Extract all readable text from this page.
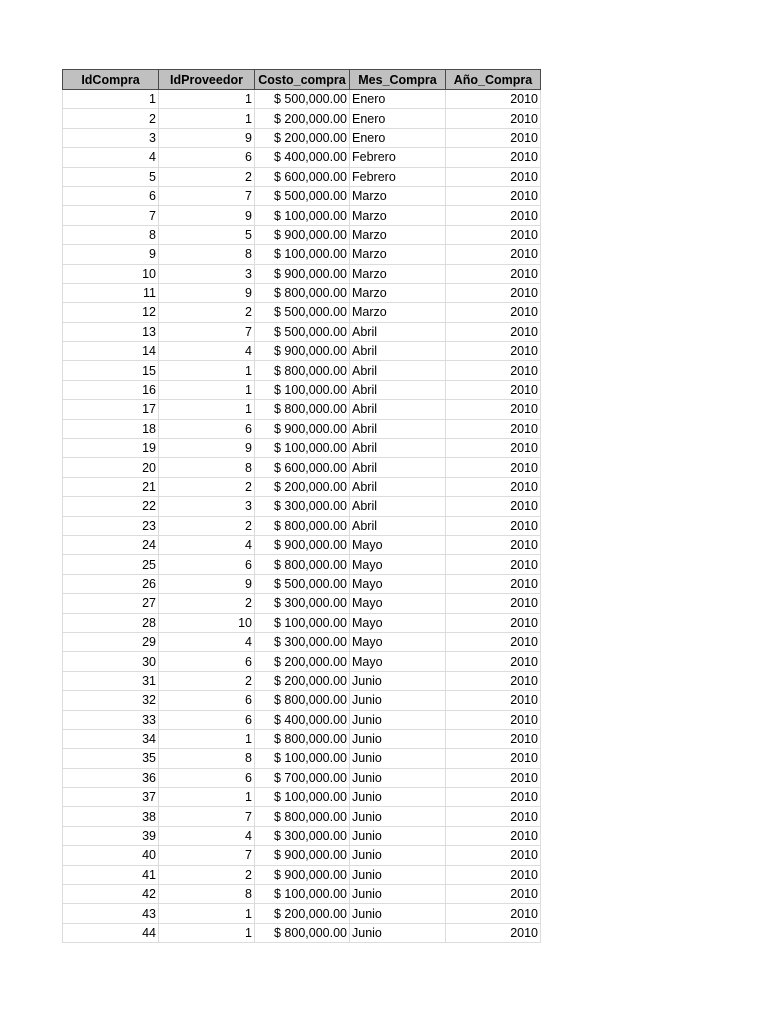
IdCompra	IdProveedor	Costo_compra	Mes_Compra	Año_Compra
1	1	$ 500,000.00	Enero	2010
2	1	$ 200,000.00	Enero	2010
3	9	$ 200,000.00	Enero	2010
4	6	$ 400,000.00	Febrero	2010
5	2	$ 600,000.00	Febrero	2010
6	7	$ 500,000.00	Marzo	2010
7	9	$ 100,000.00	Marzo	2010
8	5	$ 900,000.00	Marzo	2010
9	8	$ 100,000.00	Marzo	2010
10	3	$ 900,000.00	Marzo	2010
11	9	$ 800,000.00	Marzo	2010
12	2	$ 500,000.00	Marzo	2010
13	7	$ 500,000.00	Abril	2010
14	4	$ 900,000.00	Abril	2010
15	1	$ 800,000.00	Abril	2010
16	1	$ 100,000.00	Abril	2010
17	1	$ 800,000.00	Abril	2010
18	6	$ 900,000.00	Abril	2010
19	9	$ 100,000.00	Abril	2010
20	8	$ 600,000.00	Abril	2010
21	2	$ 200,000.00	Abril	2010
22	3	$ 300,000.00	Abril	2010
23	2	$ 800,000.00	Abril	2010
24	4	$ 900,000.00	Mayo	2010
25	6	$ 800,000.00	Mayo	2010
26	9	$ 500,000.00	Mayo	2010
27	2	$ 300,000.00	Mayo	2010
28	10	$ 100,000.00	Mayo	2010
29	4	$ 300,000.00	Mayo	2010
30	6	$ 200,000.00	Mayo	2010
31	2	$ 200,000.00	Junio	2010
32	6	$ 800,000.00	Junio	2010
33	6	$ 400,000.00	Junio	2010
34	1	$ 800,000.00	Junio	2010
35	8	$ 100,000.00	Junio	2010
36	6	$ 700,000.00	Junio	2010
37	1	$ 100,000.00	Junio	2010
38	7	$ 800,000.00	Junio	2010
39	4	$ 300,000.00	Junio	2010
40	7	$ 900,000.00	Junio	2010
41	2	$ 900,000.00	Junio	2010
42	8	$ 100,000.00	Junio	2010
43	1	$ 200,000.00	Junio	2010
44	1	$ 800,000.00	Junio	2010
